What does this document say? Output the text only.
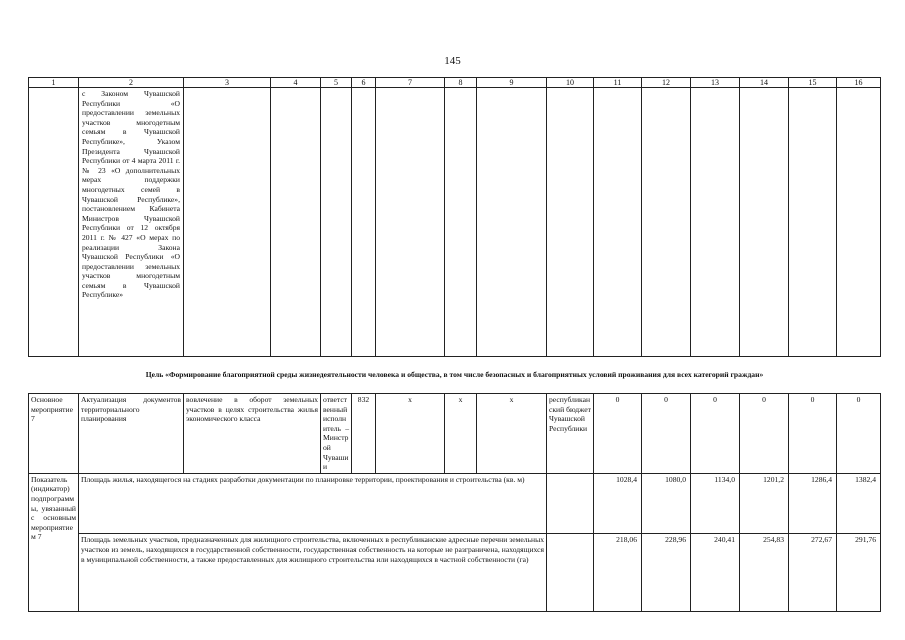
145
1	2	3	4	5	6	7	8	9	10	11	12	13	14	15	16	
	с Законом Чувашской Республики «О предоставлении земельных участков многодетным семьям в Чувашской Республике», Указом Президента Чувашской Республики от 4 марта 2011 г. № 23 «О дополнительных мерах поддержки многодетных семей в Чувашской Республике», постановлением Кабинета Министров Чувашской Республики от 12 октября 2011 г. № 427 «О мерах по реализации Закона Чувашской Республики «О предоставлении земельных участков многодетным семьям в Чувашской Республике»															
Цель «Формирование благоприятной среды жизнедеятельности человека и общества, в том числе безопасных и благоприятных условий проживания для всех категорий граждан»																
Основное мероприятие 7	Актуализация документов территориального планирования	вовлечение в оборот земельных участков в целях строительства жилья экономического класса		ответственный исполнитель – Минстрой Чувашии	832	х	х	х	республиканский бюджет Чувашской Республики	0	0	0	0	0	0	
Показатель (индикатор) подпрограммы, увязанный с основным мероприятием 7	Площадь жилья, находящегося на стадиях разработки документации по планировке территории, проектирования и строительства (кв. м)									1028,4	1080,0	1134,0	1201,2	1286,4	1382,4	
	Площадь земельных участков, предназначенных для жилищного строительства, включенных в республиканские адресные перечни земельных участков из земель, находящихся в государственной собственности, государственная собственность на которые не разграничена, находящихся в муниципальной собственности, а также предоставленных для жилищного строительства или находящихся в частной собственности (га)									218,06	228,96	240,41	254,83	272,67	291,76	
